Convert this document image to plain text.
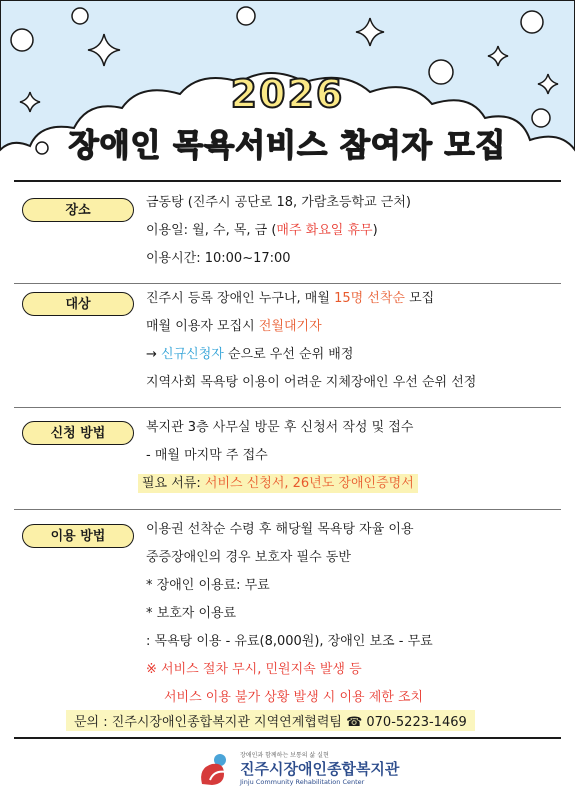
2026
장애인 목욕서비스 참여자 모집
장소
금동탕 (진주시 공단로 18, 가람초등학교 근처)
이용일: 월, 수, 목, 금 (매주 화요일 휴무)
이용시간: 10:00~17:00
대상	진주시 등록 장애인 누구나, 매월 15명 선착순 모집
매월 이용자 모집시 전월대기자
→ 신규신청자 순으로 우선 순위 배정
지역사회 목욕탕 이용이 어려운 지체장애인 우선 순위 선정
신청 방법	복지관 3층 사무실 방문 후 신청서 작성 및 접수
- 매월 마지막 주 접수
필요 서류: 서비스 신청서, 26년도 장애인증명서
이용 방법	이용권 선착순 수령 후 해당월 목욕탕 자율 이용
중증장애인의 경우 보호자 필수 동반
* 장애인 이용료: 무료
* 보호자 이용료
: 목욕탕 이용 - 유료(8,000원), 장애인 보조 - 무료
※ 서비스 절차 무시, 민원지속 발생 등
서비스 이용 불가 상황 발생 시 이용 제한 조치
문의 : 진주시장애인종합복지관 지역연계협력팀 ☎ 070-5223-1469
장애인과 함께하는 보통의 삶 실현
진주시장애인종합복지관
Jinju Community Rehabilitation Center
